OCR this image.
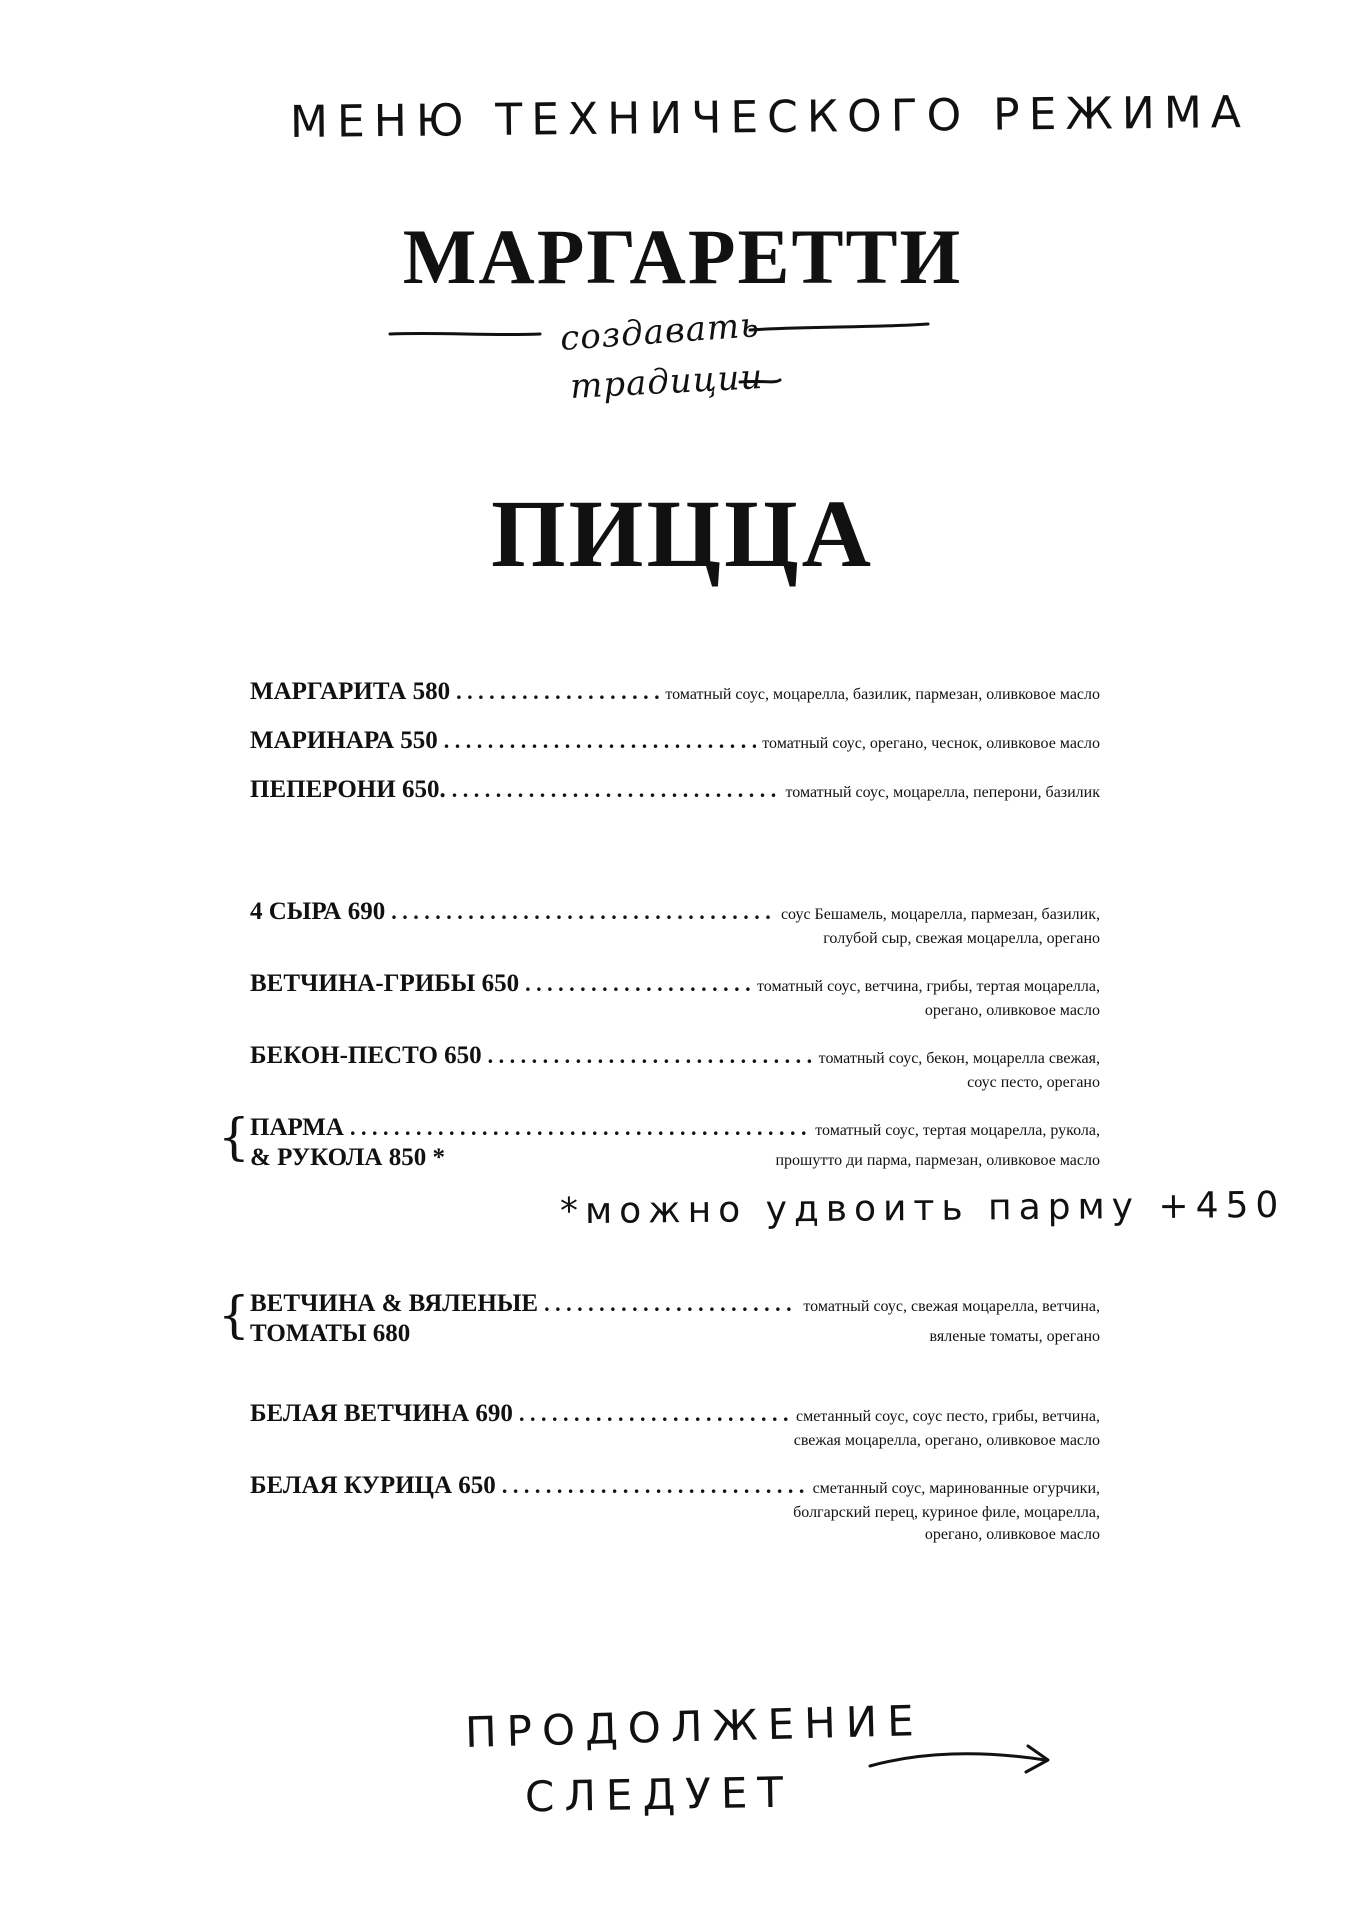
МЕНЮ ТЕХНИЧЕСКОГО РЕЖИМА
МАРГАРЕТТИ
создавать
традиции
ПИЦЦА
МАРГАРИТА 580 . . .	томатный соус, моцарелла, базилик, пармезан, оливковое масло
МАРИНАРА 550 . . .	томатный соус, орегано, чеснок, оливковое масло
ПЕПЕРОНИ 650. . . .	томатный соус, моцарелла, пеперони, базилик
4 СЫРА 690 . . .	соус Бешамель, моцарелла, пармезан, базилик,
голубой сыр, свежая моцарелла, орегано
ВЕТЧИНА-ГРИБЫ 650 . . .	томатный соус, ветчина, грибы, тертая моцарелла,
орегано, оливковое масло
БЕКОН-ПЕСТО 650 . . .	томатный соус, бекон, моцарелла свежая,
соус песто, орегано
{ ПАРМА . . .	томатный соус, тертая моцарелла, рукола,
& РУКОЛА 850 *	прошутто ди парма, пармезан, оливковое масло
*можно удвоить парму +450
{ ВЕТЧИНА & ВЯЛЕНЫЕ . . .	томатный соус, свежая моцарелла, ветчина,
ТОМАТЫ 680	вяленые томаты, орегано
БЕЛАЯ ВЕТЧИНА 690 . . .	сметанный соус, соус песто, грибы, ветчина,
свежая моцарелла, орегано, оливковое масло
БЕЛАЯ КУРИЦА 650 . . .	сметанный соус, маринованные огурчики,
болгарский перец, куриное филе, моцарелла,
орегано, оливковое масло
ПРОДОЛЖЕНИЕ
СЛЕДУЕТ
